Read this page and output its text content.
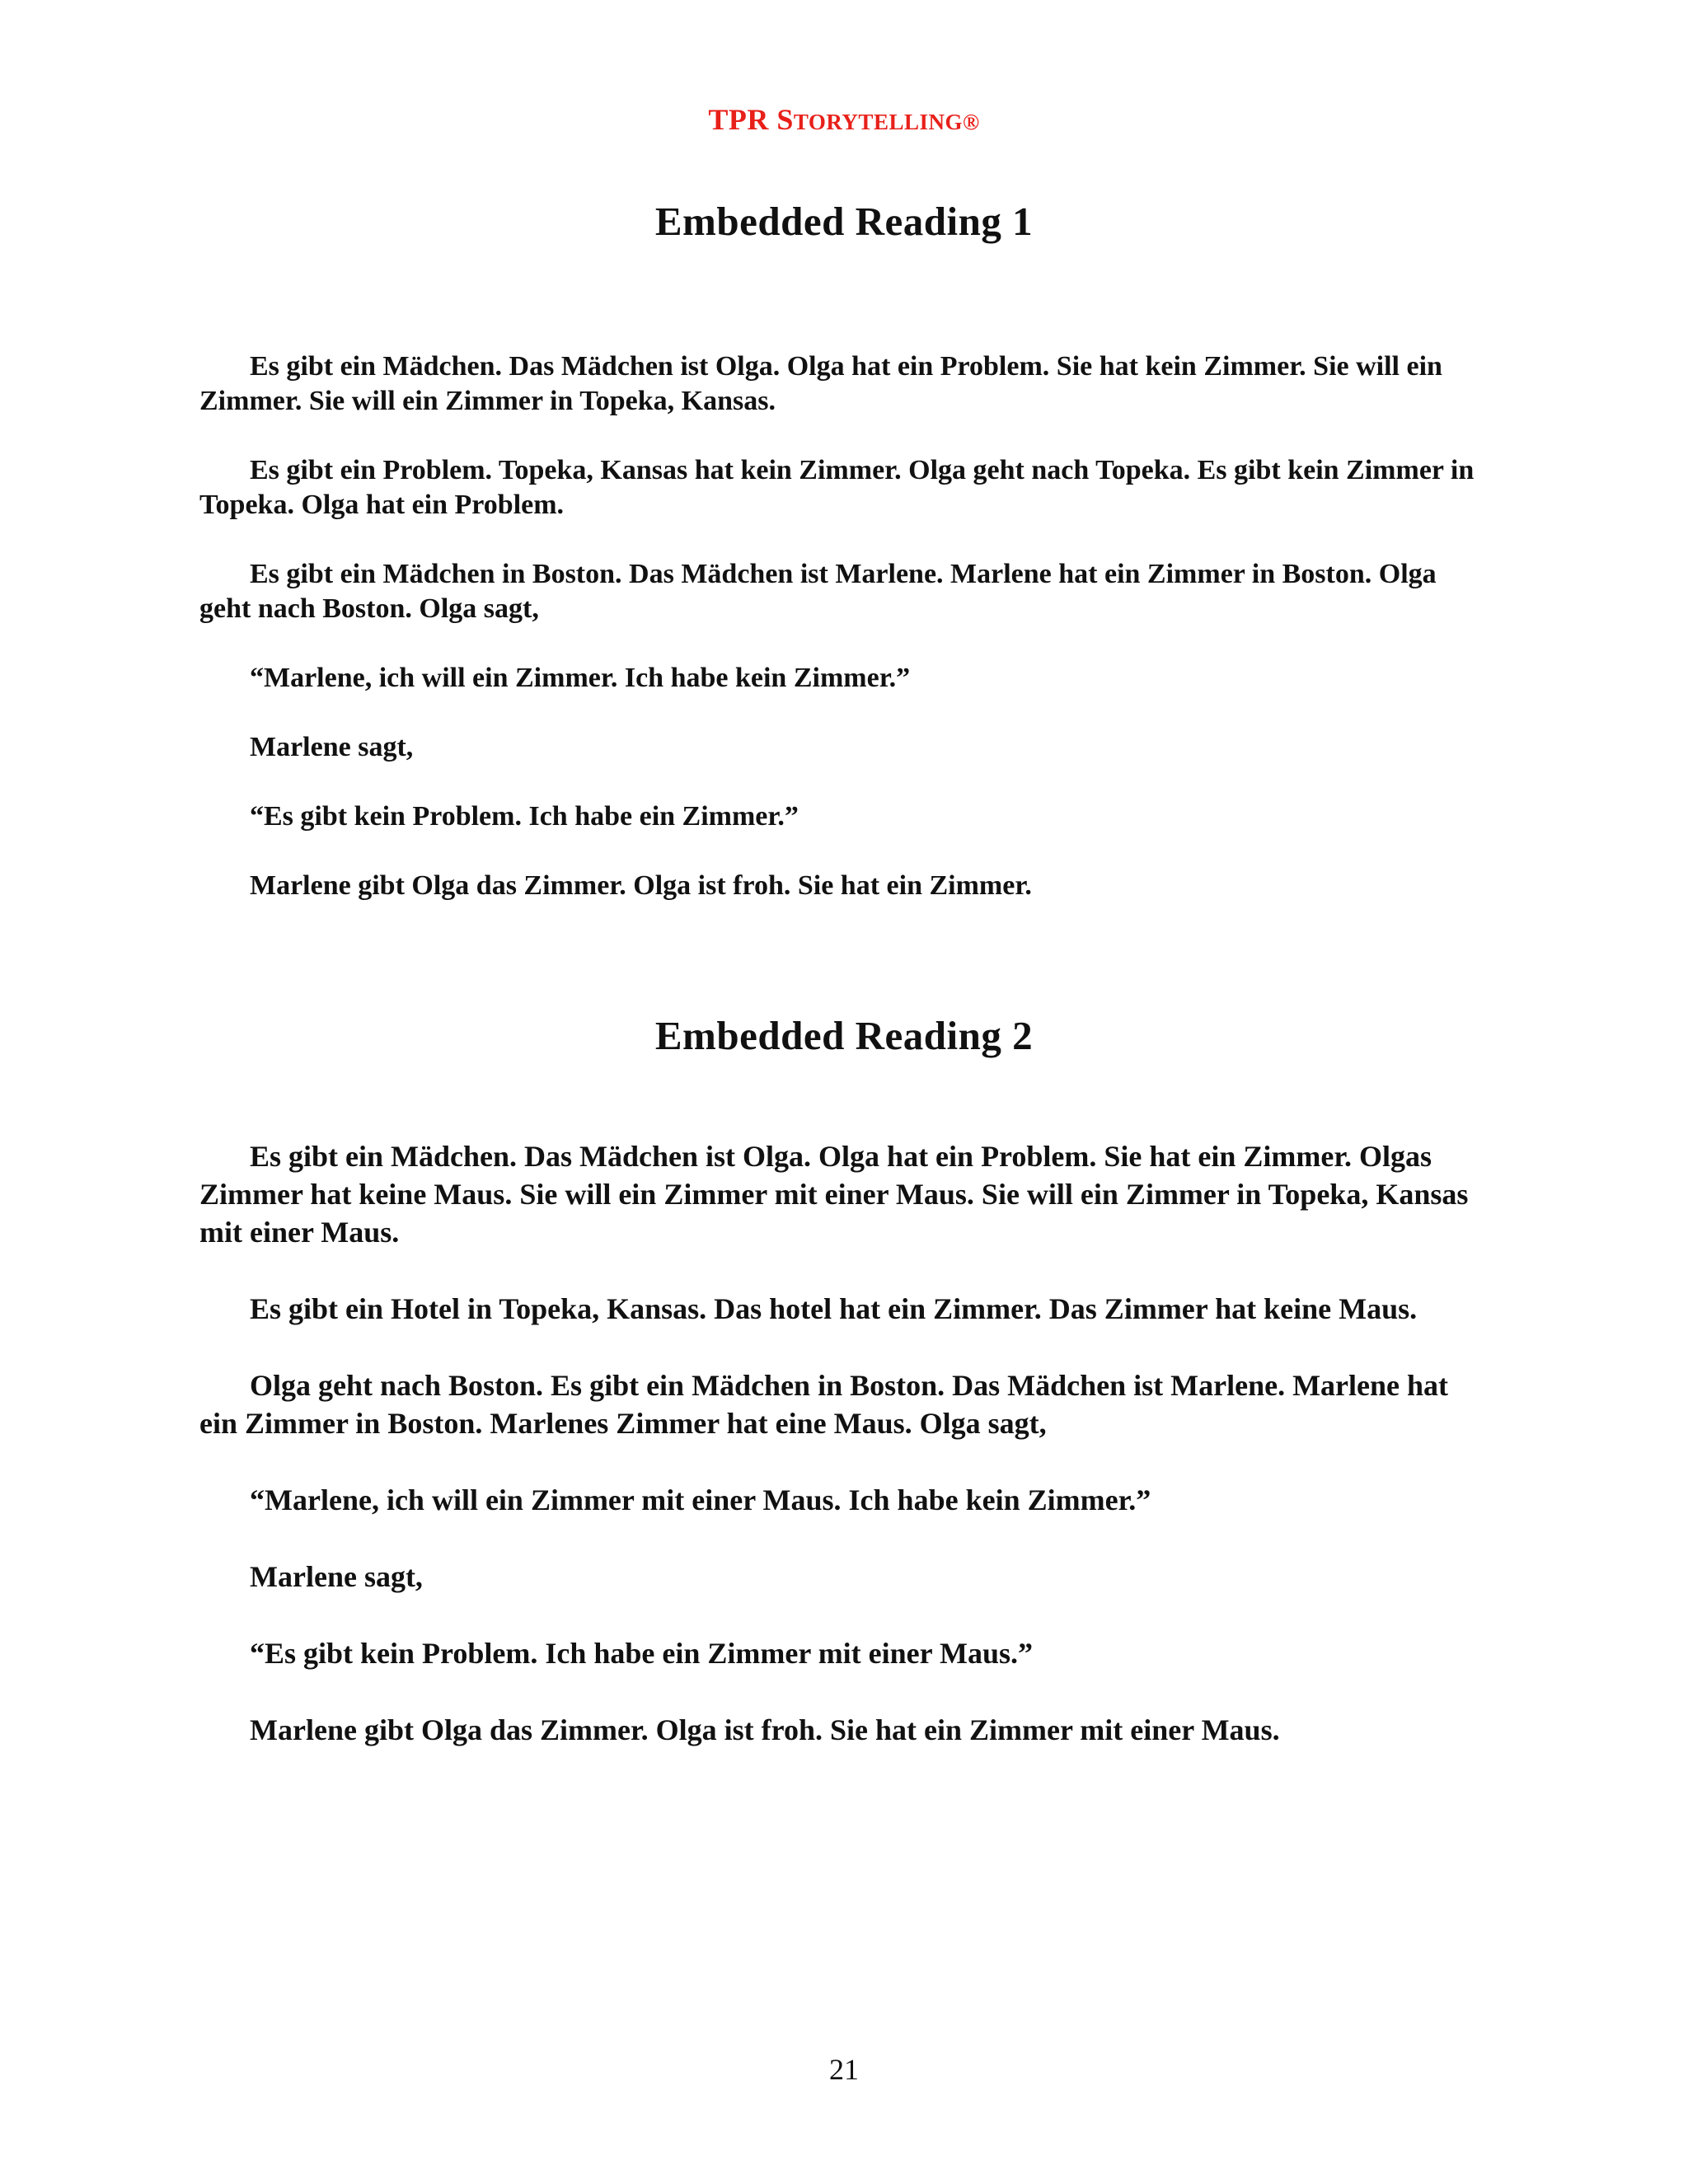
TPR STORYTELLING®
Embedded Reading 1

Es gibt ein Mädchen. Das Mädchen ist Olga. Olga hat ein Problem. Sie hat kein Zimmer. Sie will ein Zimmer. Sie will ein Zimmer in Topeka, Kansas.

Es gibt ein Problem. Topeka, Kansas hat kein Zimmer. Olga geht nach Topeka. Es gibt kein Zimmer in Topeka. Olga hat ein Problem.

Es gibt ein Mädchen in Boston. Das Mädchen ist Marlene. Marlene hat ein Zimmer in Boston. Olga geht nach Boston. Olga sagt,

“Marlene, ich will ein Zimmer. Ich habe kein Zimmer.”

Marlene sagt,

“Es gibt kein Problem. Ich habe ein Zimmer.”

Marlene gibt Olga das Zimmer. Olga ist froh. Sie hat ein Zimmer.

Embedded Reading 2

Es gibt ein Mädchen. Das Mädchen ist Olga. Olga hat ein Problem. Sie hat ein Zimmer. Olgas Zimmer hat keine Maus. Sie will ein Zimmer mit einer Maus. Sie will ein Zimmer in Topeka, Kansas mit einer Maus.

Es gibt ein Hotel in Topeka, Kansas. Das hotel hat ein Zimmer. Das Zimmer hat keine Maus.

Olga geht nach Boston. Es gibt ein Mädchen in Boston. Das Mädchen ist Marlene. Marlene hat ein Zimmer in Boston. Marlenes Zimmer hat eine Maus. Olga sagt,

“Marlene, ich will ein Zimmer mit einer Maus. Ich habe kein Zimmer.”

Marlene sagt,

“Es gibt kein Problem. Ich habe ein Zimmer mit einer Maus.”

Marlene gibt Olga das Zimmer. Olga ist froh. Sie hat ein Zimmer mit einer Maus.

21
